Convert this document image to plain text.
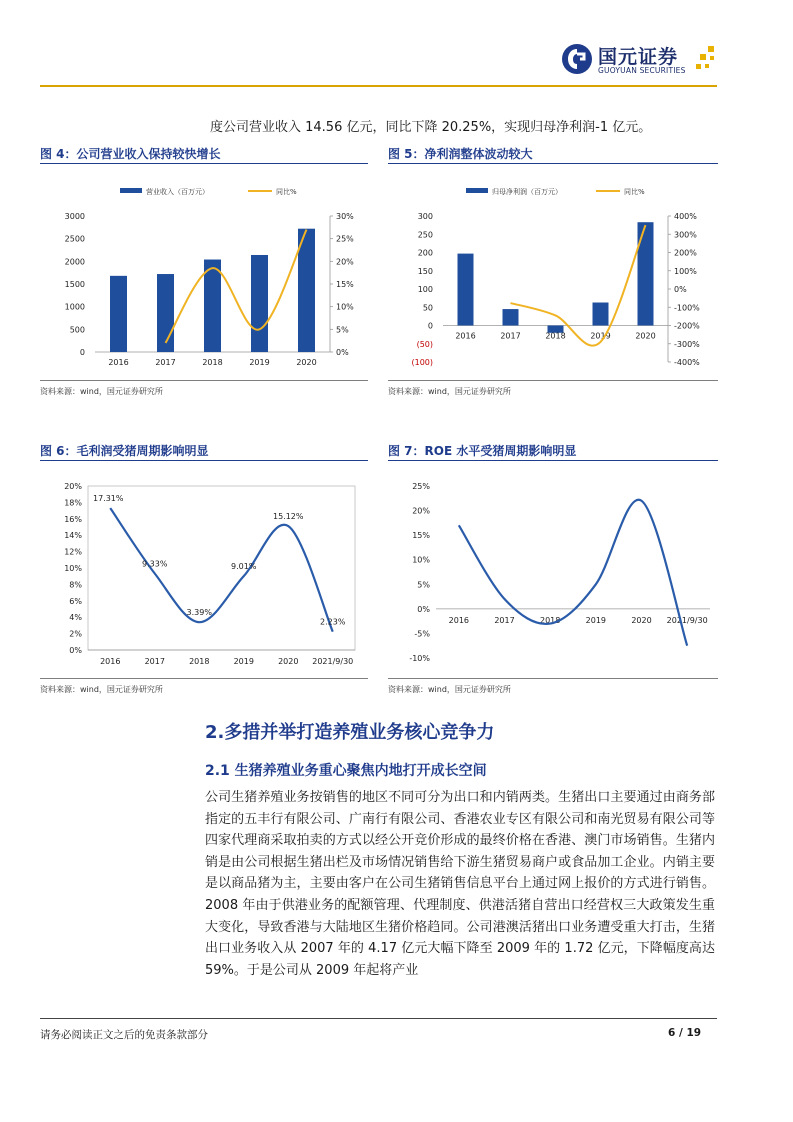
国元证券
GUOYUAN SECURITIES
度公司营业收入 14.56 亿元，同比下降 20.25%，实现归母净利润-1 亿元。
图 4：公司营业收入保持较快增长
营业收入（百万元）	同比%
0
500
1000
1500
2000
2500
3000
0%
5%
10%
15%
20%
25%
30%
2016	2017	2018	2019	2020
资料来源：wind，国元证券研究所
图 5：净利润整体波动较大
归母净利润（百万元）	同比%
(100)
(50)
0
50
100
150
200
250
300
-400%
-300%
-200%
-100%
0%
100%
200%
300%
400%
2016	2017	2018	2019	2020
资料来源：wind，国元证券研究所
图 6：毛利润受猪周期影响明显
0%
2%
4%
6%
8%
10%
12%
14%
16%
18%
20%
2016	2017	2018	2019	2020 2021/9/30
17.31%
9.33%
3.39%
9.01%
15.12%
2.23%
资料来源：wind，国元证券研究所
图 7：ROE 水平受猪周期影响明显
-10%
-5%
0%
5%
10%
15%
20%
25%
2016	2017	2018	2019	2020 2021/9/30
资料来源：wind，国元证券研究所
2.多措并举打造养殖业务核心竞争力
2.1 生猪养殖业务重心聚焦内地打开成长空间

公司生猪养殖业务按销售的地区不同可分为出口和内销两类。生猪出口主要通过由商务部指定的五丰行有限公司、广南行有限公司、香港农业专区有限公司和南光贸易有限公司等四家代理商采取拍卖的方式以经公开竞价形成的最终价格在香港、澳门市场销售。生猪内销是由公司根据生猪出栏及市场情况销售给下游生猪贸易商户或食品加工企业。内销主要是以商品猪为主，主要由客户在公司生猪销售信息平台上通过网上报价的方式进行销售。2008 年由于供港业务的配额管理、代理制度、供港活猪自营出口经营权三大政策发生重大变化，导致香港与大陆地区生猪价格趋同。公司港澳活猪出口业务遭受重大打击，生猪出口业务收入从 2007 年的 4.17 亿元大幅下降至 2009 年的 1.72 亿元，下降幅度高达 59%。于是公司从 2009 年起将产业

请务必阅读正文之后的免责条款部分	6 / 19
